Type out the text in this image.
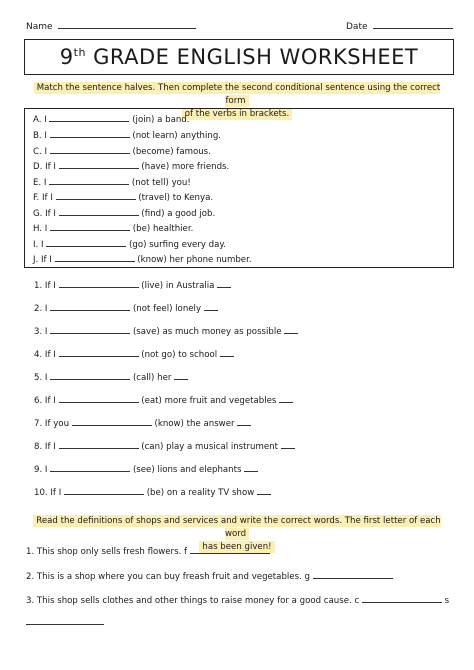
Name	Date
9th GRADE ENGLISH WORKSHEET
Match the sentence halves. Then complete the second conditional sentence using the correct form
of the verbs in brackets.
A. I	(join) a band.
B. I	(not learn) anything.
C. I	(become) famous.
D. If I	(have) more friends.
E. I	(not tell) you!
F. If I	(travel) to Kenya.
G. If I	(find) a good job.
H. I	(be) healthier.
I. I	(go) surfing every day.
J. If I	(know) her phone number.
1. If I	(live) in Australia
2. I	(not feel) lonely
3. I	(save) as much money as possible
4. If I	(not go) to school
5. I	(call) her
6. If I	(eat) more fruit and vegetables
7. If you	(know) the answer
8. If I	(can) play a musical instrument
9. I	(see) lions and elephants
10. If I	(be) on a reality TV show
Read the definitions of shops and services and write the correct words. The first letter of each word
has been given!
1. This shop only sells fresh flowers. f
2. This is a shop where you can buy freash fruit and vegetables. g
3. This shop sells clothes and other things to raise money for a good cause. c	s
